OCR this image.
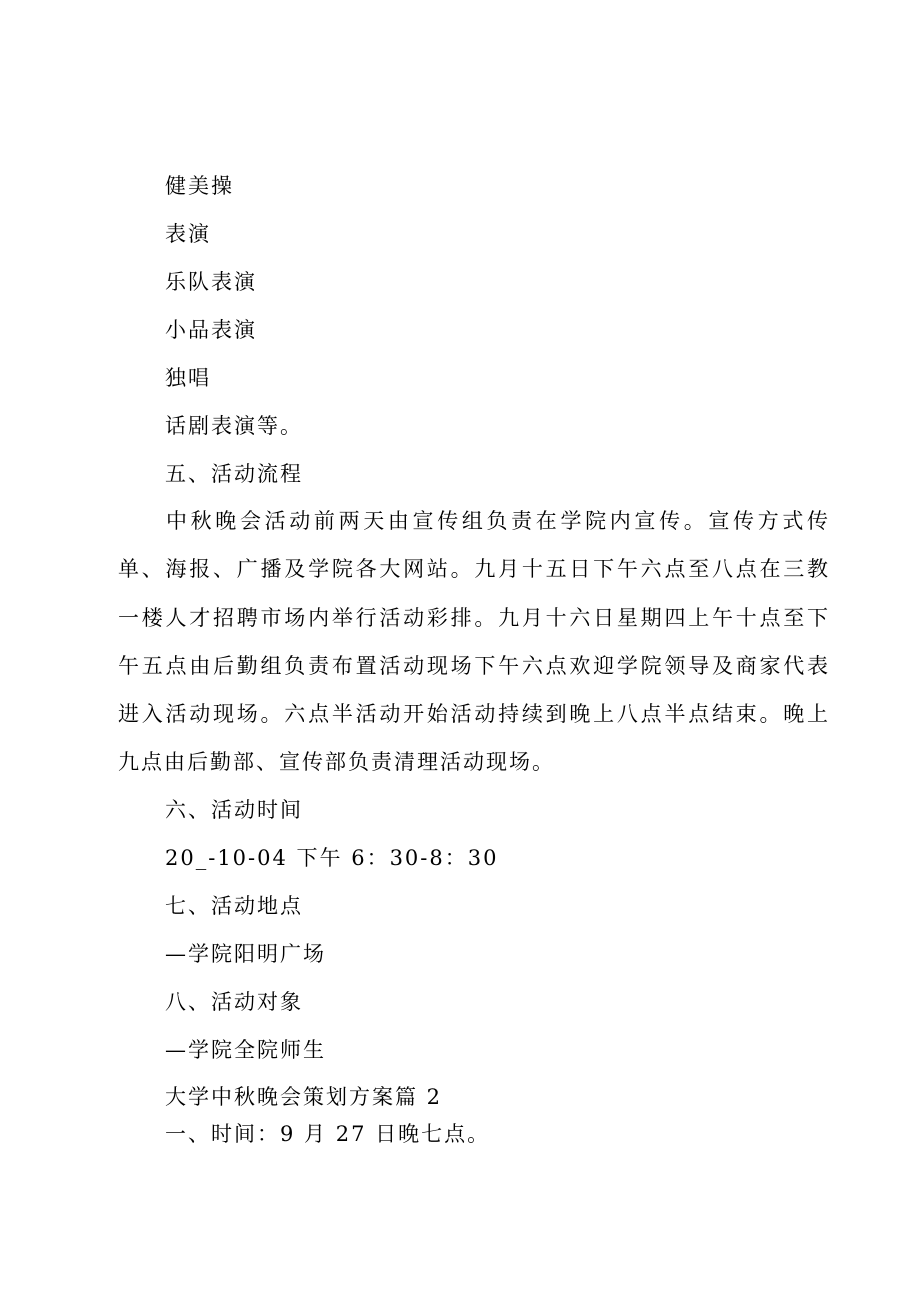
健美操
表演
乐队表演
小品表演
独唱
话剧表演等。
五、活动流程

中秋晚会活动前两天由宣传组负责在学院内宣传。宣传方式传单、海报、广播及学院各大网站。九月十五日下午六点至八点在三教一楼人才招聘市场内举行活动彩排。九月十六日星期四上午十点至下午五点由后勤组负责布置活动现场下午六点欢迎学院领导及商家代表进入活动现场。六点半活动开始活动持续到晚上八点半点结束。晚上九点由后勤部、宣传部负责清理活动现场。

六、活动时间
20_-10-04 下午 6：30-8：30
七、活动地点
—学院阳明广场
八、活动对象
—学院全院师生
大学中秋晚会策划方案篇 2
一、时间：9 月 27 日晚七点。
